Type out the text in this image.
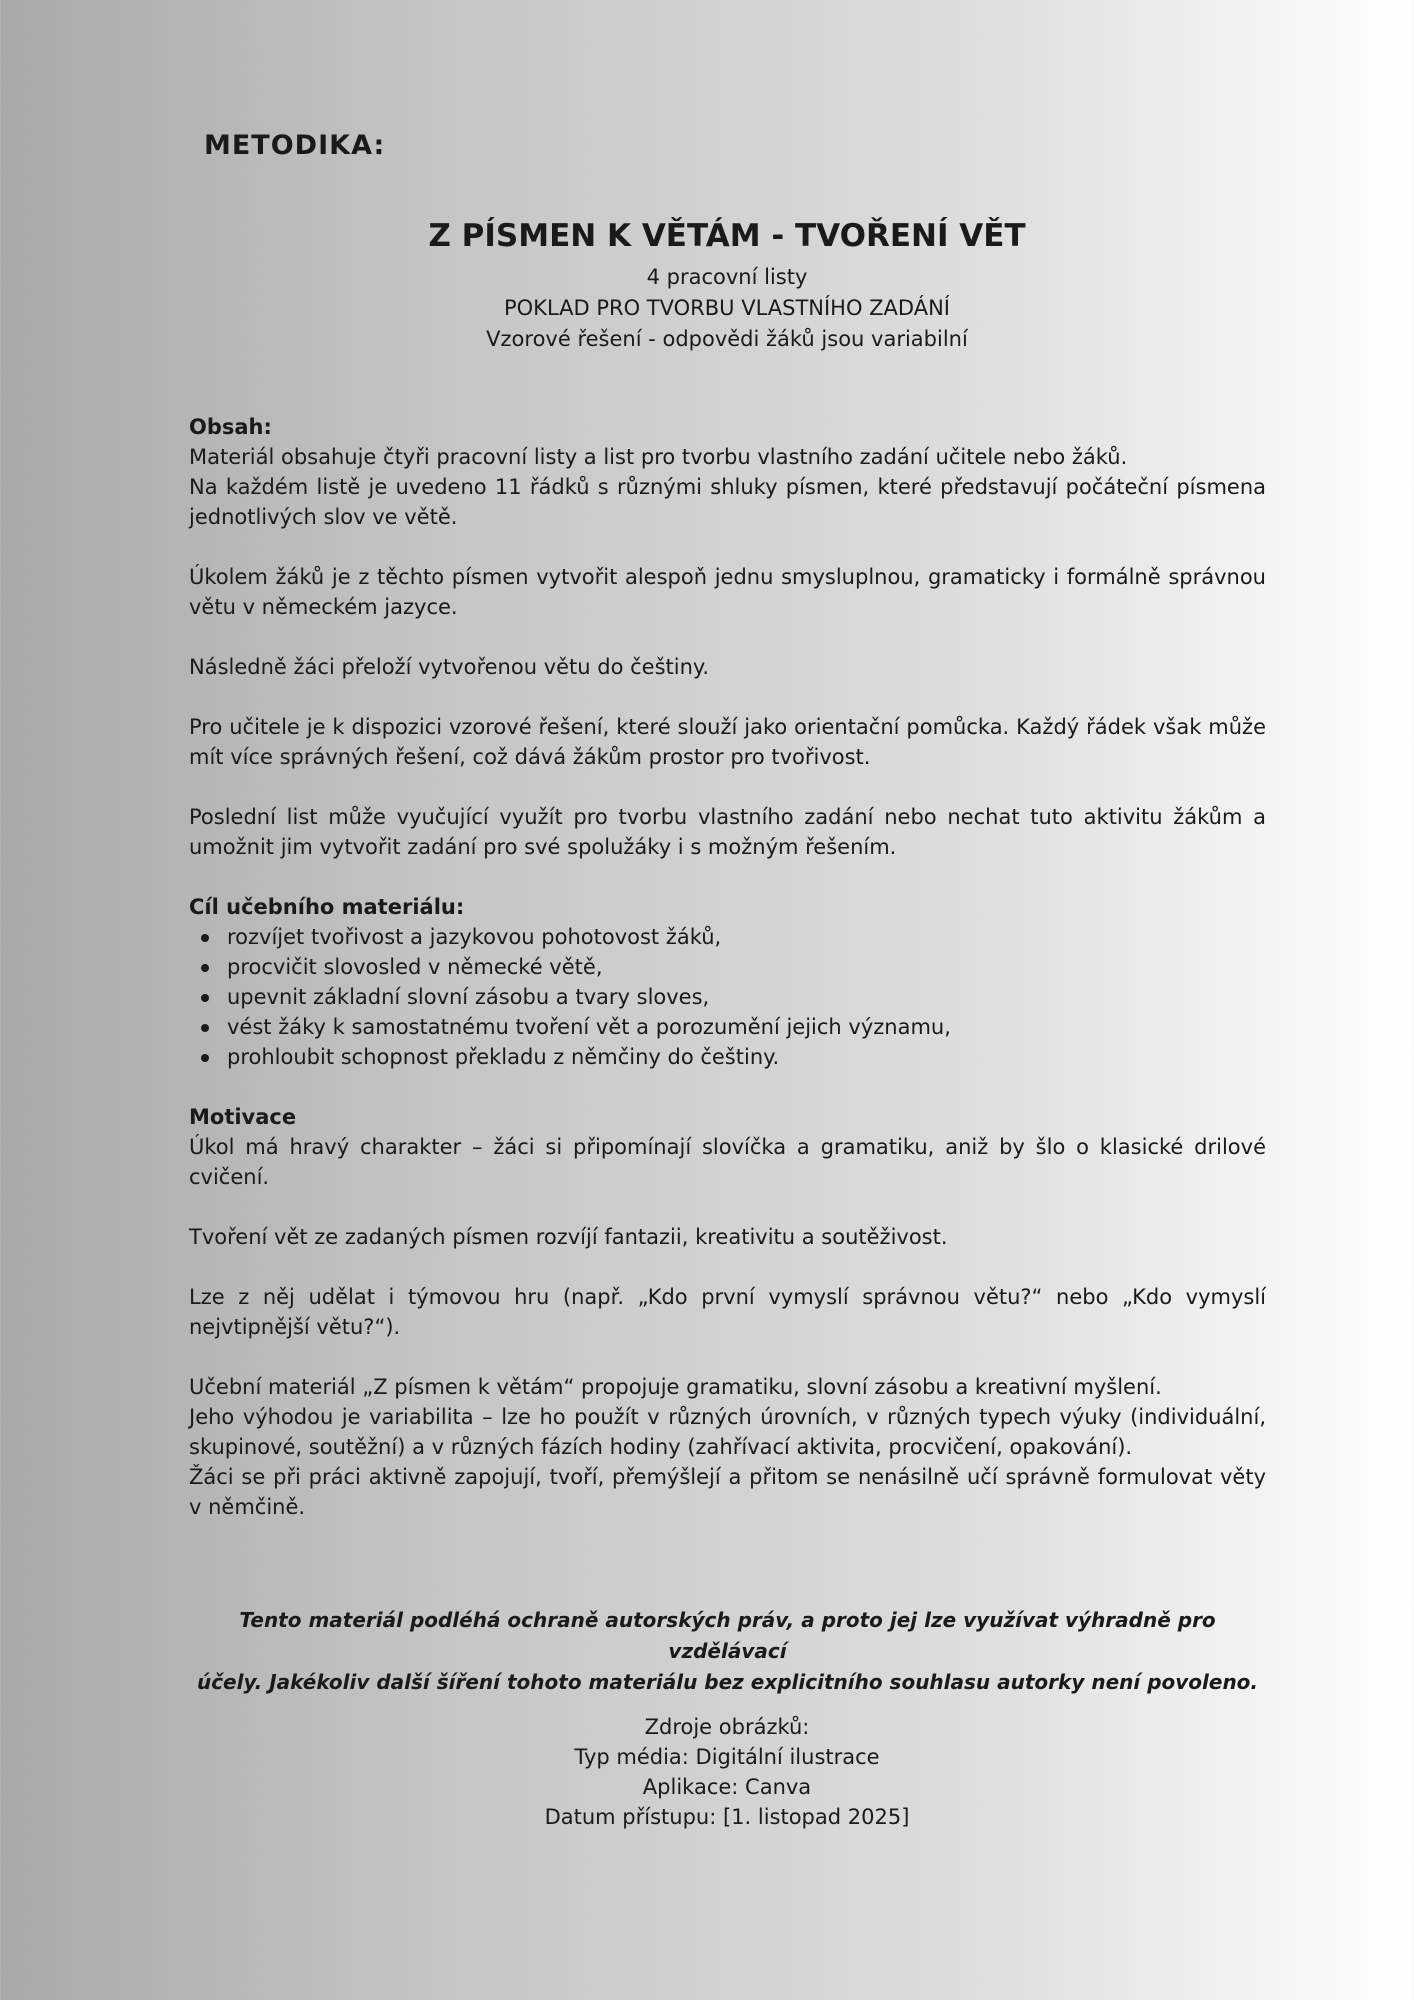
METODIKA:
Z PÍSMEN K VĚTÁM - TVOŘENÍ VĚT

4 pracovní listy

POKLAD PRO TVORBU VLASTNÍHO ZADÁNÍ

Vzorové řešení - odpovědi žáků jsou variabilní

Obsah:

Materiál obsahuje čtyři pracovní listy a list pro tvorbu vlastního zadání učitele nebo žáků.

Na každém listě je uvedeno 11 řádků s různými shluky písmen, které představují počáteční písmena jednotlivých slov ve větě.

Úkolem žáků je z těchto písmen vytvořit alespoň jednu smysluplnou, gramaticky i formálně správnou větu v německém jazyce.

Následně žáci přeloží vytvořenou větu do češtiny.

Pro učitele je k dispozici vzorové řešení, které slouží jako orientační pomůcka. Každý řádek však může mít více správných řešení, což dává žákům prostor pro tvořivost.

Poslední list může vyučující využít pro tvorbu vlastního zadání nebo nechat tuto aktivitu žákům a umožnit jim vytvořit zadání pro své spolužáky i s možným řešením.

Cíl učebního materiálu:

rozvíjet tvořivost a jazykovou pohotovost žáků,
procvičit slovosled v německé větě,
upevnit základní slovní zásobu a tvary sloves,
vést žáky k samostatnému tvoření vět a porozumění jejich významu,
prohloubit schopnost překladu z němčiny do češtiny.

Motivace

Úkol má hravý charakter – žáci si připomínají slovíčka a gramatiku, aniž by šlo o klasické drilové cvičení.

Tvoření vět ze zadaných písmen rozvíjí fantazii, kreativitu a soutěživost.

Lze z něj udělat i týmovou hru (např. „Kdo první vymyslí správnou větu?“ nebo „Kdo vymyslí nejvtipnější větu?“).

Učební materiál „Z písmen k větám“ propojuje gramatiku, slovní zásobu a kreativní myšlení.

Jeho výhodou je variabilita – lze ho použít v různých úrovních, v různých typech výuky (individuální, skupinové, soutěžní) a v různých fázích hodiny (zahřívací aktivita, procvičení, opakování).

Žáci se při práci aktivně zapojují, tvoří, přemýšlejí a přitom se nenásilně učí správně formulovat věty v němčině.

Tento materiál podléhá ochraně autorských práv, a proto jej lze využívat výhradně pro vzdělávací
účely. Jakékoliv další šíření tohoto materiálu bez explicitního souhlasu autorky není povoleno.

Zdroje obrázků:

Typ média: Digitální ilustrace

Aplikace: Canva

Datum přístupu: [1. listopad 2025]
